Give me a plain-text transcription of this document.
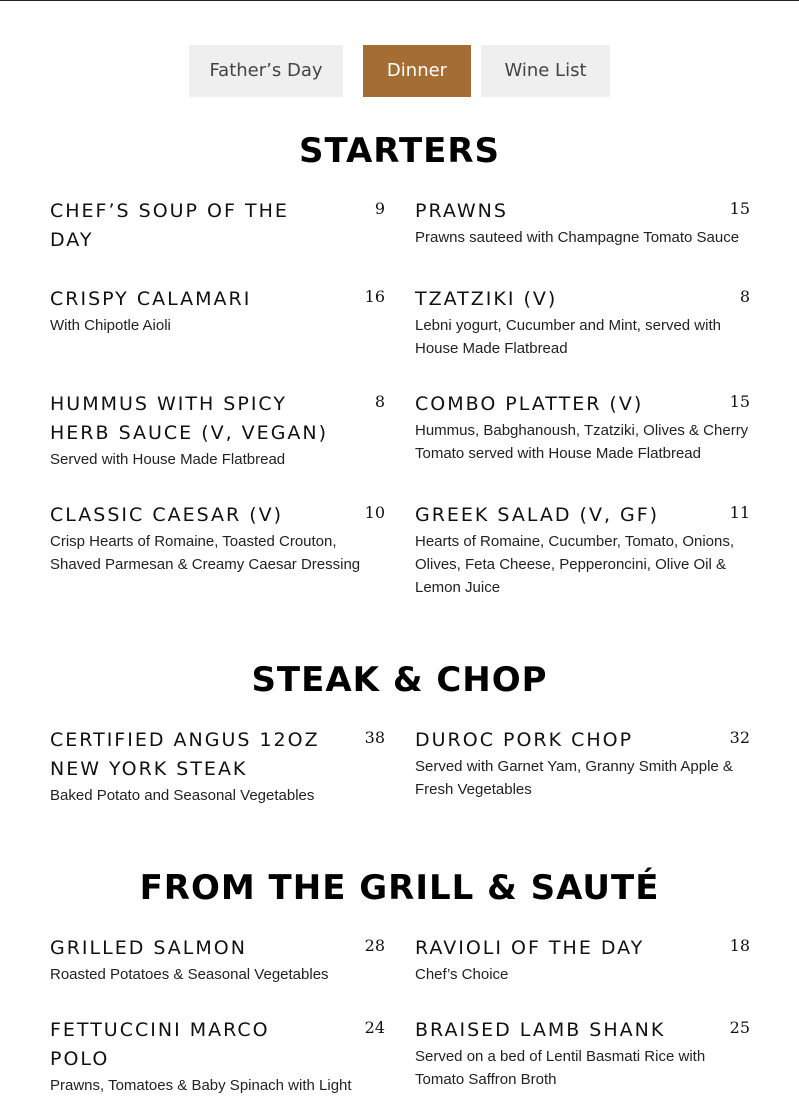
Father’s Day	Dinner	Wine List
STARTERS
CHEF’S SOUP OF THE DAY
9 PRAWNS	15
Prawns sauteed with Champagne Tomato Sauce
CRISPY CALAMARI	16
With Chipotle Aioli
TZATZIKI (V)	8
Lebni yogurt, Cucumber and Mint, served with House Made Flatbread
HUMMUS WITH SPICY HERB SAUCE (V, VEGAN)
8
Served with House Made Flatbread
COMBO PLATTER (V)	15
Hummus, Babghanoush, Tzatziki, Olives & Cherry Tomato served with House Made Flatbread
CLASSIC CAESAR (V)	10
Crisp Hearts of Romaine, Toasted Crouton, Shaved Parmesan & Creamy Caesar Dressing
GREEK SALAD (V, GF)	11
Hearts of Romaine, Cucumber, Tomato, Onions, Olives, Feta Cheese, Pepperoncini, Olive Oil & Lemon Juice
STEAK & CHOP
CERTIFIED ANGUS 12OZ NEW YORK STEAK
38
Baked Potato and Seasonal Vegetables
DUROC PORK CHOP	32
Served with Garnet Yam, Granny Smith Apple & Fresh Vegetables
FROM THE GRILL & SAUTÉ
GRILLED SALMON	28
Roasted Potatoes & Seasonal Vegetables
RAVIOLI OF THE DAY	18
Chef’s Choice
FETTUCCINI MARCO POLO
24
Prawns, Tomatoes & Baby Spinach with Light
BRAISED LAMB SHANK	25
Served on a bed of Lentil Basmati Rice with Tomato Saffron Broth
